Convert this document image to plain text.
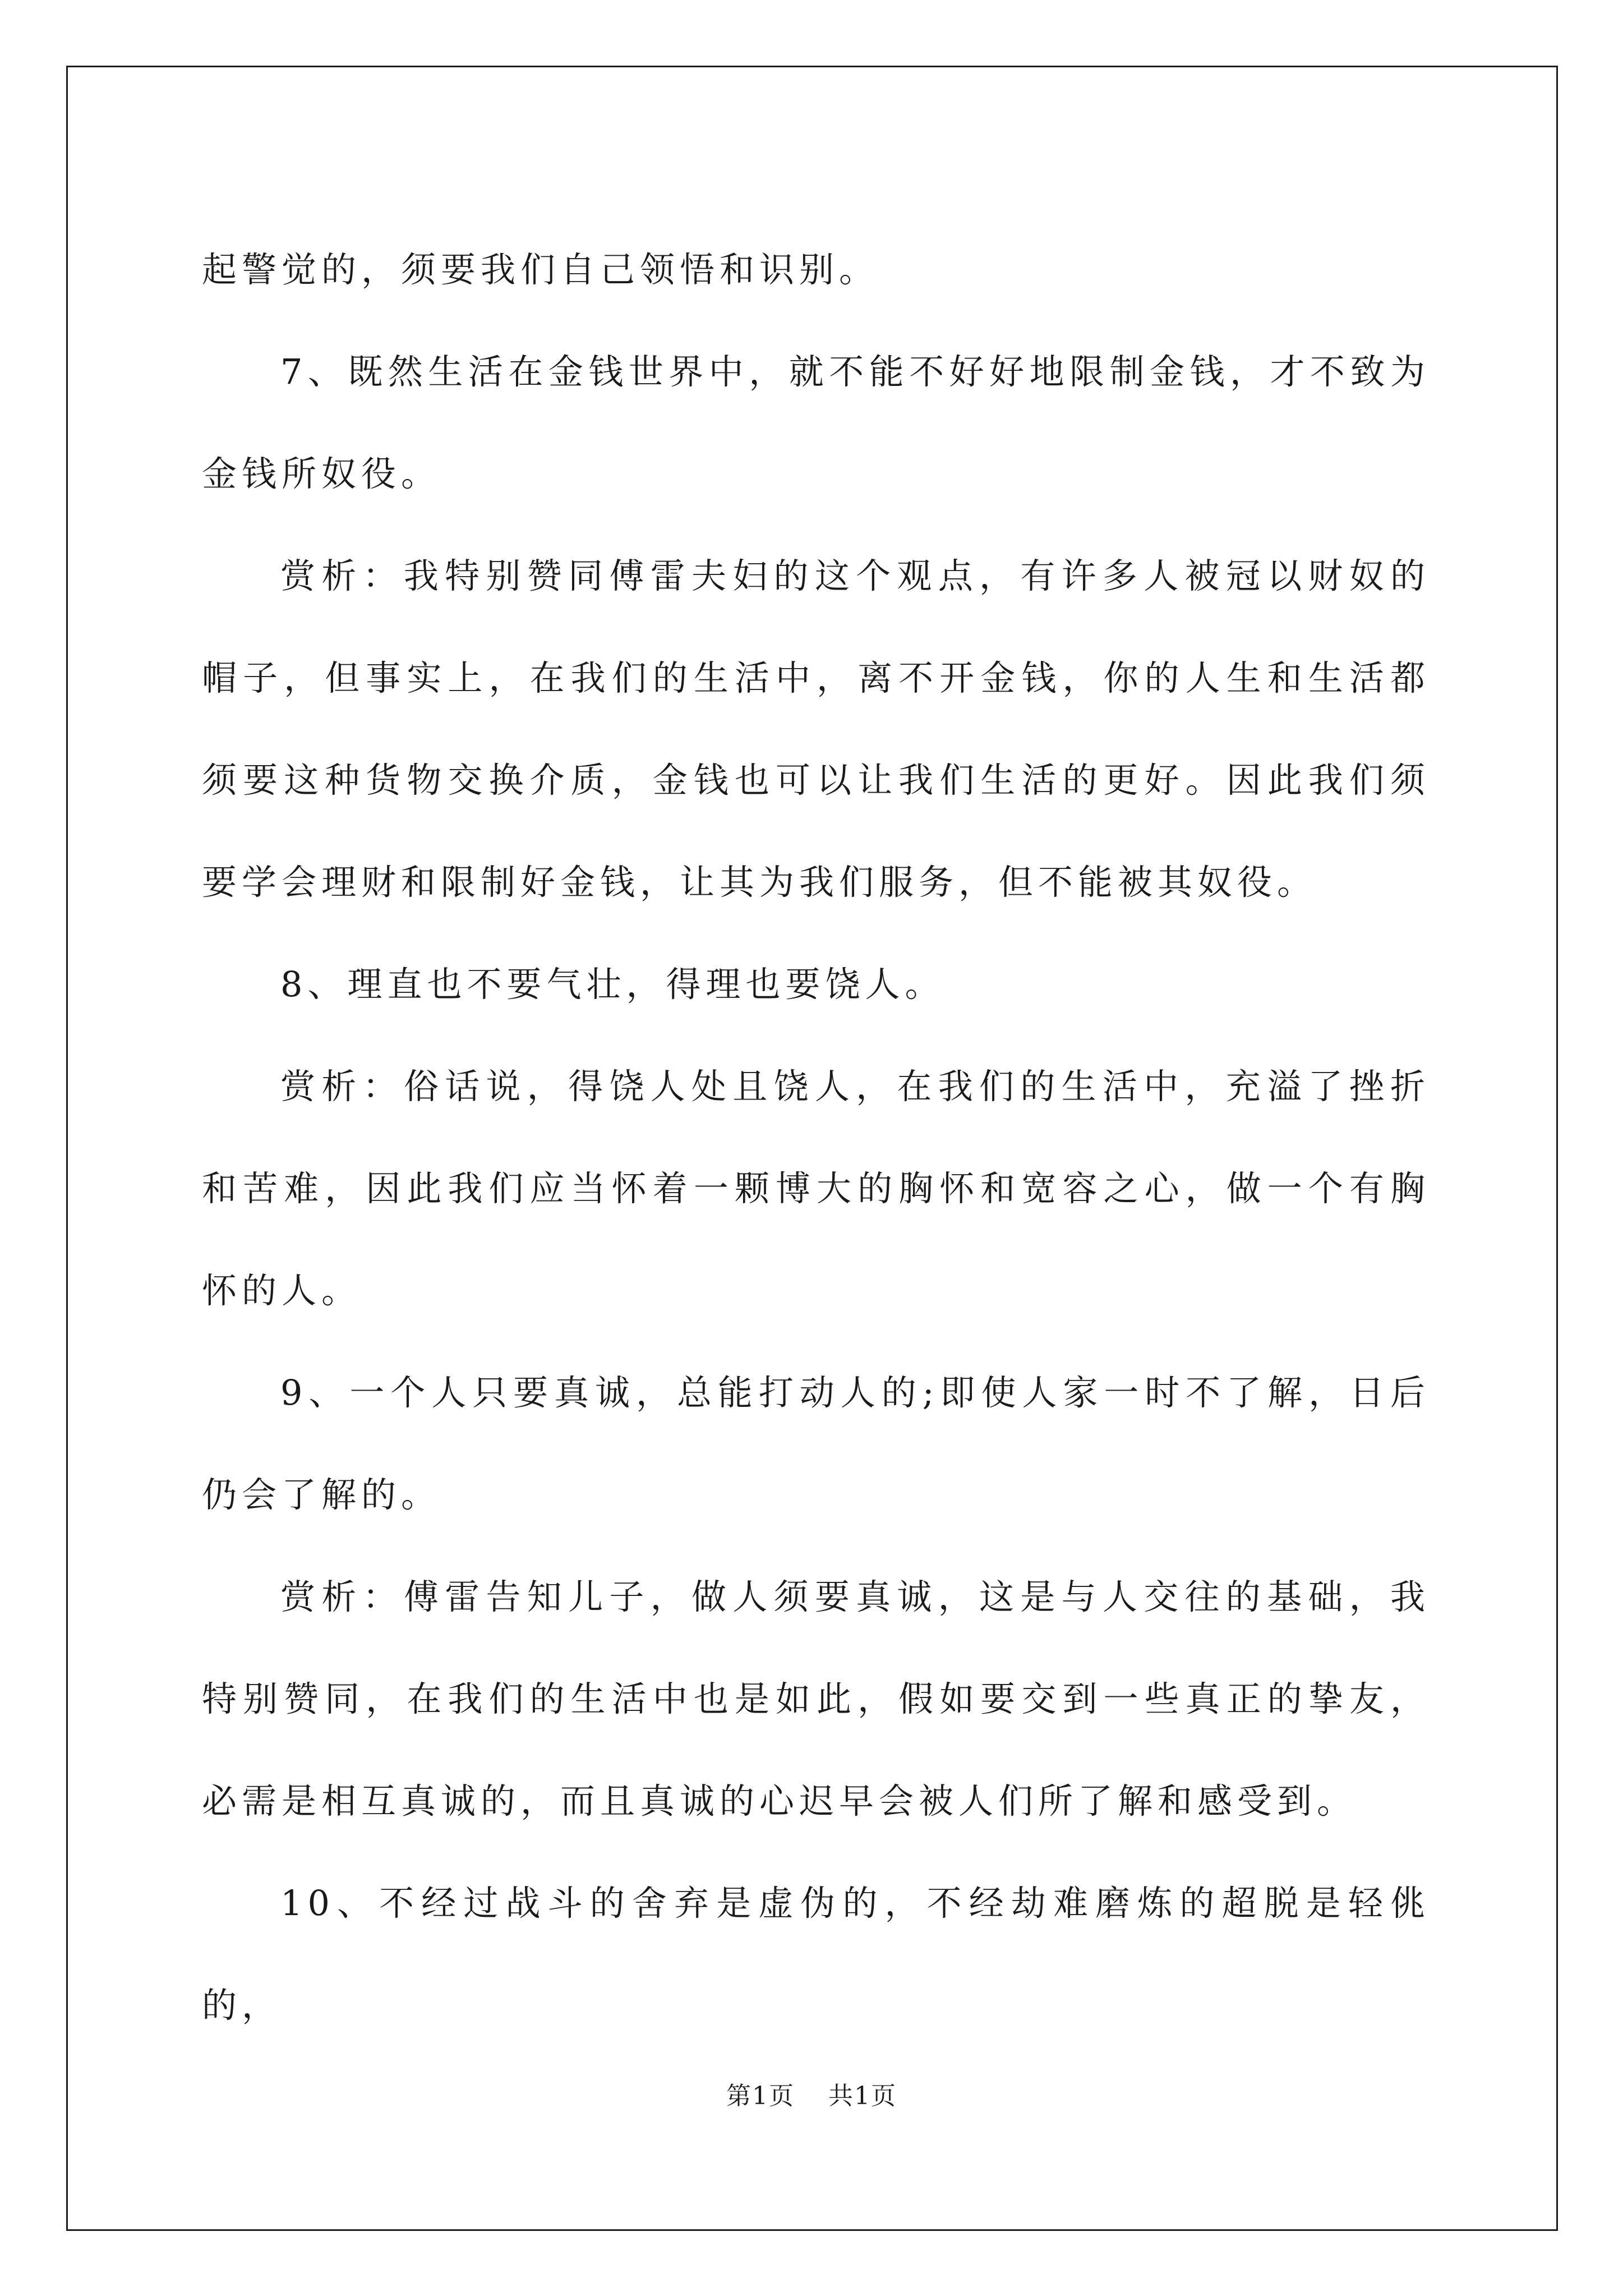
起警觉的，须要我们自己领悟和识别。

7、既然生活在金钱世界中，就不能不好好地限制金钱，才不致为金钱所奴役。

赏析：我特别赞同傅雷夫妇的这个观点，有许多人被冠以财奴的帽子，但事实上，在我们的生活中，离不开金钱，你的人生和生活都须要这种货物交换介质，金钱也可以让我们生活的更好。因此我们须要学会理财和限制好金钱，让其为我们服务，但不能被其奴役。

8、理直也不要气壮，得理也要饶人。

赏析：俗话说，得饶人处且饶人，在我们的生活中，充溢了挫折和苦难，因此我们应当怀着一颗博大的胸怀和宽容之心，做一个有胸怀的人。

9、一个人只要真诚，总能打动人的;即使人家一时不了解，日后仍会了解的。

赏析：傅雷告知儿子，做人须要真诚，这是与人交往的基础，我特别赞同，在我们的生活中也是如此，假如要交到一些真正的挚友，必需是相互真诚的，而且真诚的心迟早会被人们所了解和感受到。

10、不经过战斗的舍弃是虚伪的，不经劫难磨炼的超脱是轻佻的，

第1页 共1页
